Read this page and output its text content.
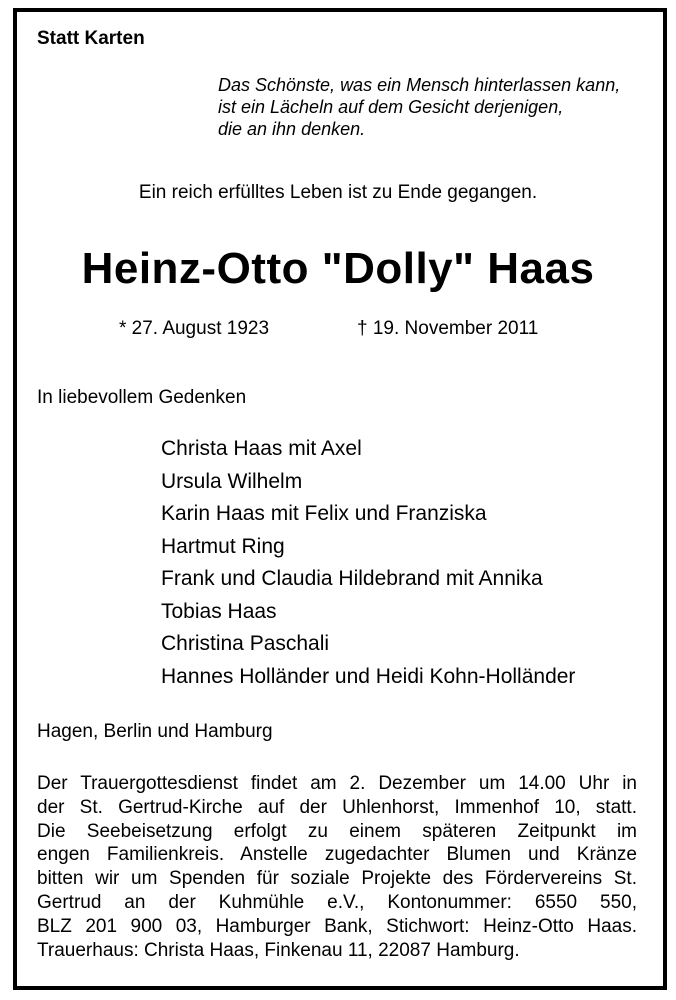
Statt Karten
Das Schönste, was ein Mensch hinterlassen kann,
ist ein Lächeln auf dem Gesicht derjenigen,
die an ihn denken.
Ein reich erfülltes Leben ist zu Ende gegangen.
Heinz-Otto "Dolly" Haas
* 27. August 1923	† 19. November 2011
In liebevollem Gedenken
Christa Haas mit Axel
Ursula Wilhelm
Karin Haas mit Felix und Franziska
Hartmut Ring
Frank und Claudia Hildebrand mit Annika
Tobias Haas
Christina Paschali
Hannes Holländer und Heidi Kohn-Holländer
Hagen, Berlin und Hamburg
Der Trauergottesdienst findet am 2. Dezember um 14.00 Uhr in
der St. Gertrud-Kirche auf der Uhlenhorst, Immenhof 10, statt.
Die Seebeisetzung erfolgt zu einem späteren Zeitpunkt im
engen Familienkreis. Anstelle zugedachter Blumen und Kränze
bitten wir um Spenden für soziale Projekte des Fördervereins St.
Gertrud an der Kuhmühle e.V., Kontonummer: 6550 550,
BLZ 201 900 03, Hamburger Bank, Stichwort: Heinz-Otto Haas.
Trauerhaus: Christa Haas, Finkenau 11, 22087 Hamburg.
